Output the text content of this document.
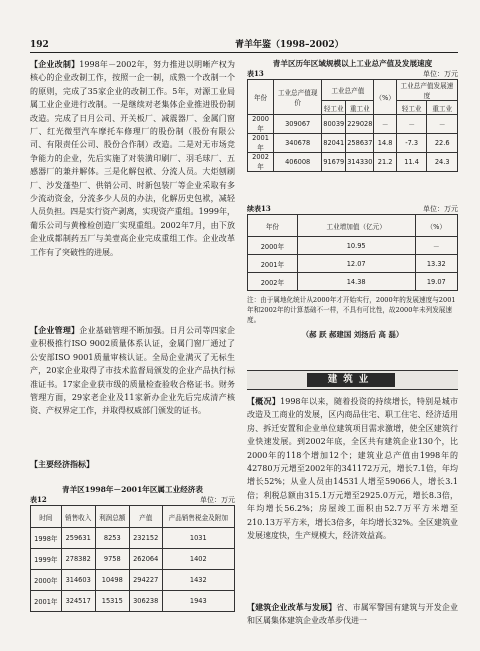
192	青羊年鉴（1998–2002）

【企业改制】1998年－2002年，努力推进以明晰产权为核心的企业改制工作，按照一企一制，成熟一个改制一个的原则，完成了35家企业的改制工作。5年，对源工业局属工业企业进行改制。一是继续对老集体企业推进股份制改造。完成了日月公司、开关板厂、减震器厂、金属门窗厂、红光微型汽车摩托车修理厂的股份制（股份有限公司、有限责任公司、股份合作制）改造。二是对无市场竞争能力的企业，先后实施了对装潢印刷厂、羽毛球厂、五感器厂的兼并解体。三是化解包袱、分流人员。大炬刨刷厂、沙发蓬垫厂、供销公司、时新包装厂等企业采取有多少流动资金，分流多少人员的办法，化解历史包袱，减轻人员负担。四是实行资产剥离，实现资产重组。1999年，葡乐公司与黄橡检创造厂实现重组。2002年7月，由下放企业成都制药五厂与美壹高企业完成重组工作。企业改革工作有了突破性的进展。

【企业管理】企业基础管理不断加强。日月公司等四家企业积极推行ISO 9002质量体系认证，金属门窗厂通过了公安部ISO 9001质量审核认证。全局企业满灭了无标生产，20家企业取得了市技术监督局颁发的企业产品执行标准证书。17家企业获市级的质量检查验收合格证书。财务管理方面，29家老企业及11家新办企业先后完成清产核资、产权界定工作，并取得权威部门颁发的证书。

【主要经济指标】

青羊区1998年－2001年区属工业经济表
表12	单位：万元
时间	销售收入	利润总额	产值	产品销售税金及附加
1998年	259631	8253	232152	1031
1999年	278382	9758	262064	1402
2000年	314603	10498	294227	1432
2001年	324517	15315	306238	1943
青羊区历年区域规模以上工业总产值及发展速度
表13	单位：万元
年份	工业总产值现价	工业总产值		（%）	工业总产值发展速度	
		轻工业	重工业		轻工业	重工业
2000年	309067	80039	229028	－	－	－
2001年	340678	82041	258637	14.8	-7.3	22.6
2002年	406008	91679	314330	21.2	11.4	24.3
续表13	单位：万元
年份	工业增加值（亿元）	（%）
2000年	10.95	－
2001年	12.07	13.32
2002年	14.38	19.07
注：由于属地化统计从2000年才开始实行，2000年的发展速度与2001年和2002年的计算基础不一样，不具有可比性，故2000年未列发展速度。
（郝 跃 郝建国 刘扬后 高 磊）
建筑业

【概况】1998年以来，随着投资的持续增长，特别是城市改造及工商业的发展，区内商品住宅、职工住宅、经济适用房、拆迁安置和企业单位建筑项目需求激增，使全区建筑行业快速发展。到2002年底，全区共有建筑企业130个，比2000年的118个增加12个；建筑业总产值由1998年的42780万元增至2002年的341172万元，增长7.1倍，年均增长52%；从业人员由14531人增至59066人，增长3.1倍；利税总额由315.1万元增至2925.0万元，增长8.3倍，年均增长56.2%；房屋竣工面积由52.7万平方米增至210.13万平方米，增长3倍多，年均增长32%。全区建筑业发展速度快，生产规模大，经济效益高。

【建筑企业改革与发展】省、市属军警国有建筑与开发企业和区属集体建筑企业改革步伐进一
